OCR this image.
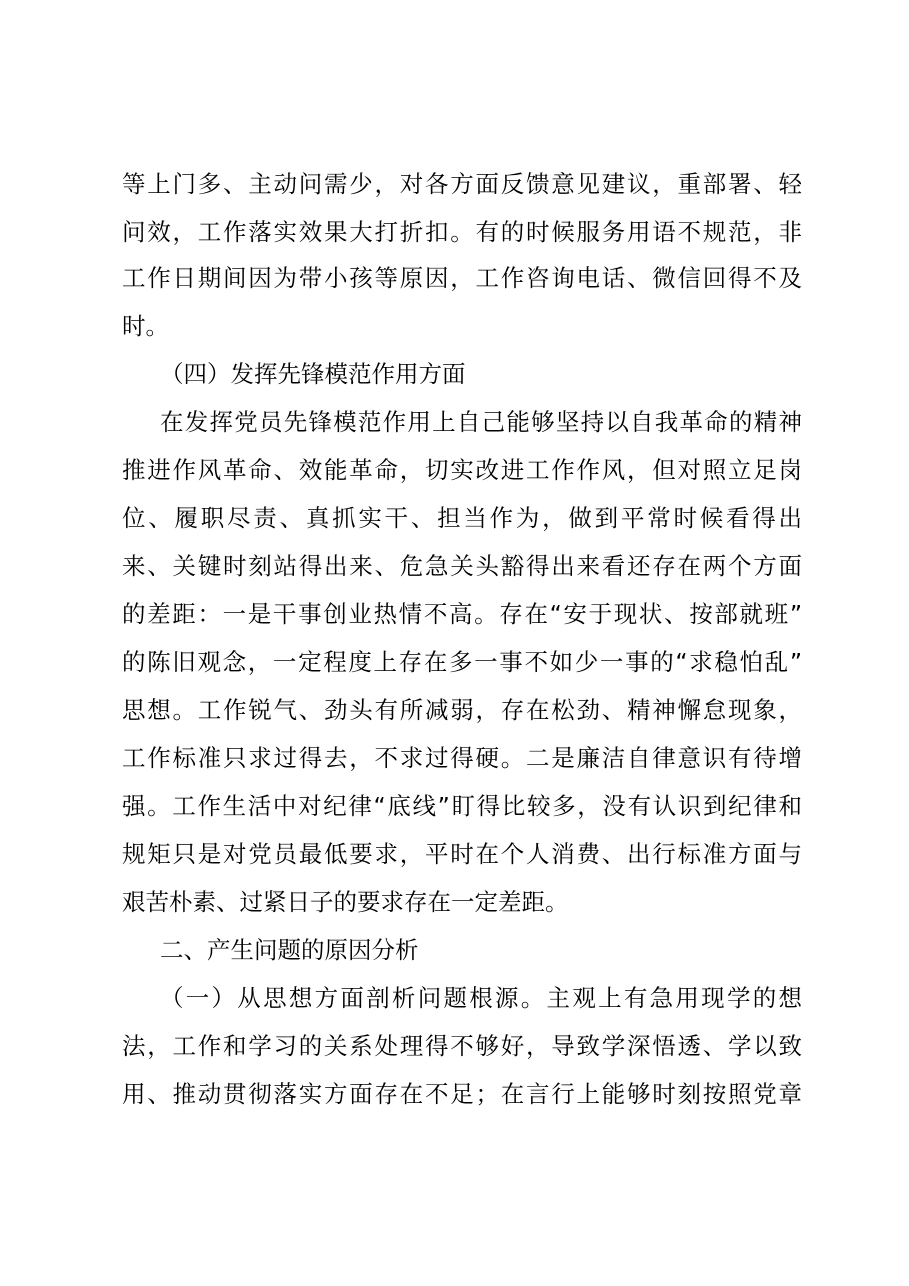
等上门多、主动问需少，对各方面反馈意见建议，重部署、轻
问效，工作落实效果大打折扣。有的时候服务用语不规范，非
工作日期间因为带小孩等原因，工作咨询电话、微信回得不及
时。
（四）发挥先锋模范作用方面
在发挥党员先锋模范作用上自己能够坚持以自我革命的精神
推进作风革命、效能革命，切实改进工作作风，但对照立足岗
位、履职尽责、真抓实干、担当作为，做到平常时候看得出
来、关键时刻站得出来、危急关头豁得出来看还存在两个方面
的差距：一是干事创业热情不高。存在“安于现状、按部就班”
的陈旧观念，一定程度上存在多一事不如少一事的“求稳怕乱”
思想。工作锐气、劲头有所减弱，存在松劲、精神懈怠现象，
工作标准只求过得去，不求过得硬。二是廉洁自律意识有待增
强。工作生活中对纪律“底线”盯得比较多，没有认识到纪律和
规矩只是对党员最低要求，平时在个人消费、出行标准方面与
艰苦朴素、过紧日子的要求存在一定差距。
二、产生问题的原因分析
（一）从思想方面剖析问题根源。主观上有急用现学的想
法，工作和学习的关系处理得不够好，导致学深悟透、学以致
用、推动贯彻落实方面存在不足；在言行上能够时刻按照党章
